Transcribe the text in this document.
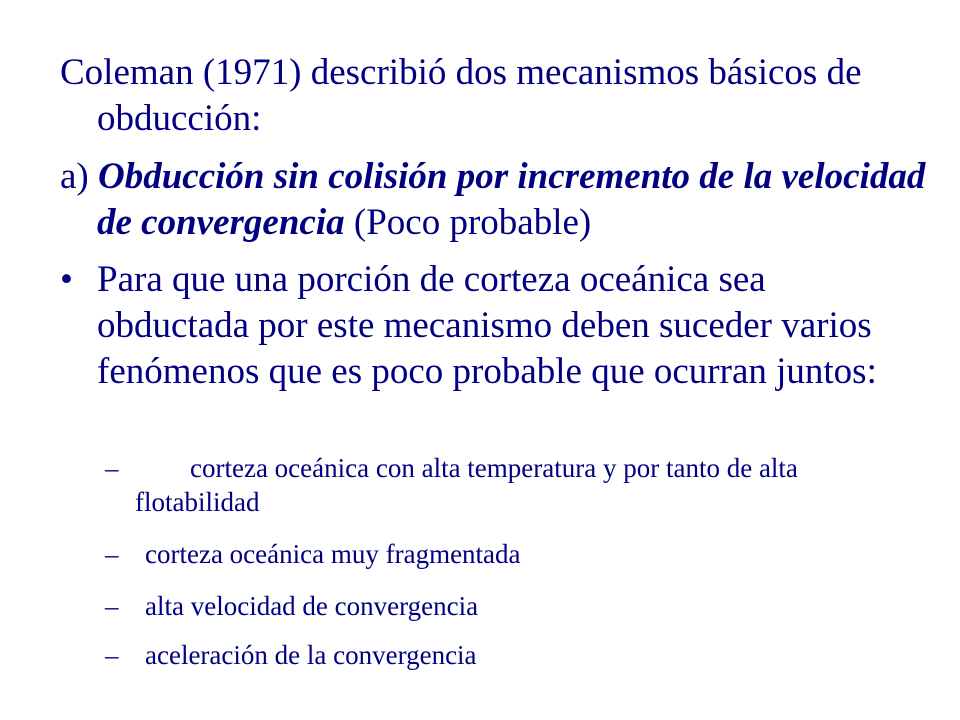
Coleman (1971) describió dos mecanismos básicos de obducción:

a) Obducción sin colisión por incremento de la velocidad de convergencia (Poco probable)

• Para que una porción de corteza oceánica sea obductada por este mecanismo deben suceder varios fenómenos que es poco probable que ocurran juntos:
–	corteza oceánica con alta temperatura y por tanto de alta flotabilidad
– corteza oceánica muy fragmentada
– alta velocidad de convergencia
– aceleración de la convergencia
